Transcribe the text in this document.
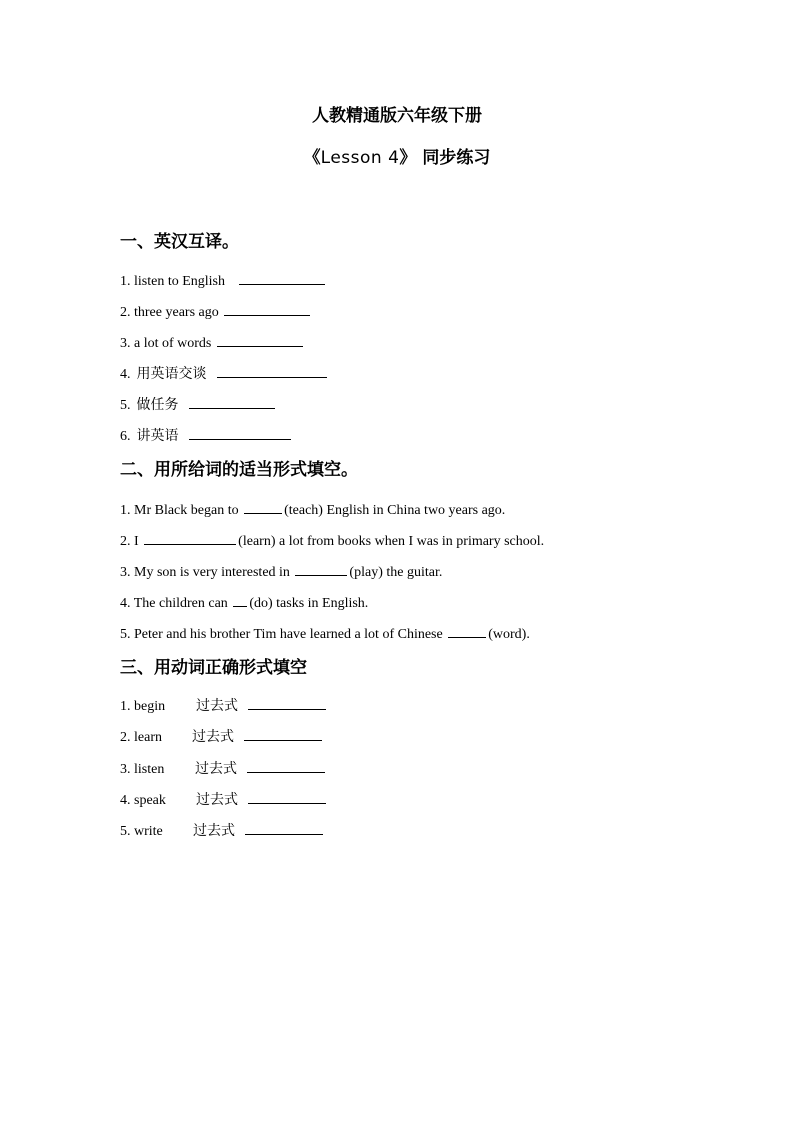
人教精通版六年级下册
《Lesson 4》 同步练习
一、英汉互译。
1. listen to English
2. three years ago
3. a lot of words
4. 用英语交谈
5. 做任务
6. 讲英语
二、用所给词的适当形式填空。
1. Mr Black began to	(teach) English in China two years ago.
2. I	(learn) a lot from books when I was in primary school.
3. My son is very interested in	(play) the guitar.
4. The children can (do) tasks in English.
5. Peter and his brother Tim have learned a lot of Chinese	(word).
三、用动词正确形式填空
1. begin 过去式
2. learn 过去式
3. listen 过去式
4. speak 过去式
5. write 过去式
